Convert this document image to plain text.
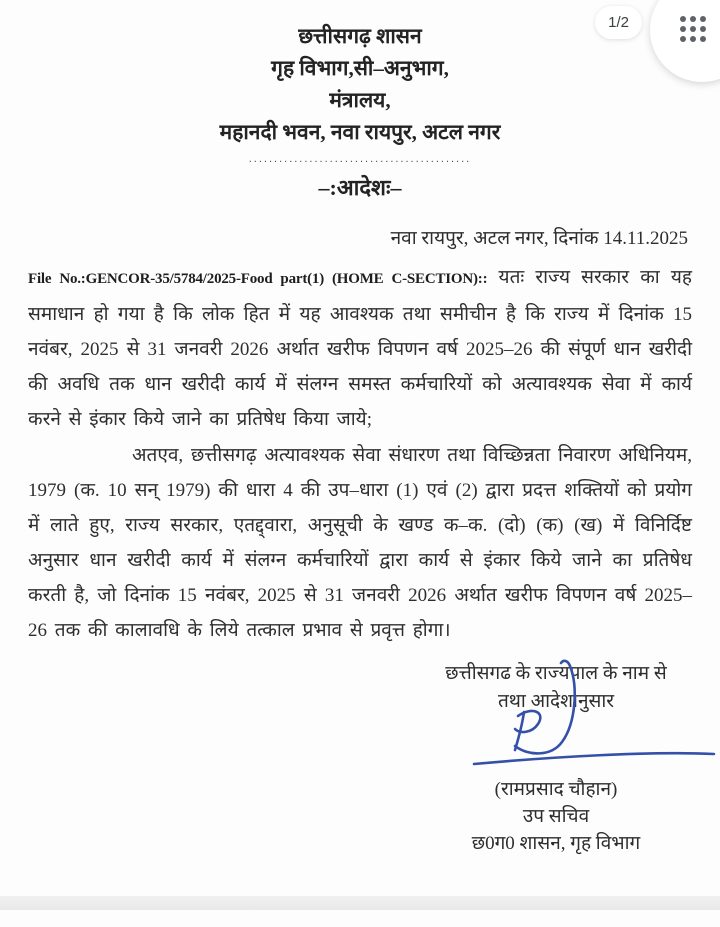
1/2
छत्तीसगढ़ शासन
गृह विभाग,सी–अनुभाग,
मंत्रालय,
महानदी भवन, नवा रायपुर, अटल नगर
............................................
–:आदेशः–
नवा रायपुर, अटल नगर, दिनांक 14.11.2025

File No.:GENCOR-35/5784/2025-Food part(1) (HOME C-SECTION):: यतः राज्य सरकार का यह समाधान हो गया है कि लोक हित में यह आवश्यक तथा समीचीन है कि राज्य में दिनांक 15 नवंबर, 2025 से 31 जनवरी 2026 अर्थात खरीफ विपणन वर्ष 2025–26 की संपूर्ण धान खरीदी की अवधि तक धान खरीदी कार्य में संलग्न समस्त कर्मचारियों को अत्यावश्यक सेवा में कार्य करने से इंकार किये जाने का प्रतिषेध किया जाये;

अतएव, छत्तीसगढ़ अत्यावश्यक सेवा संधारण तथा विच्छिन्नता निवारण अधिनियम, 1979 (क. 10 सन् 1979) की धारा 4 की उप–धारा (1) एवं (2) द्वारा प्रदत्त शक्तियों को प्रयोग में लाते हुए, राज्य सरकार, एतद्द्वारा, अनुसूची के खण्ड क–क. (दो) (क) (ख) में विनिर्दिष्ट अनुसार धान खरीदी कार्य में संलग्न कर्मचारियों द्वारा कार्य से इंकार किये जाने का प्रतिषेध करती है, जो दिनांक 15 नवंबर, 2025 से 31 जनवरी 2026 अर्थात खरीफ विपणन वर्ष 2025–26 तक की कालावधि के लिये तत्काल प्रभाव से प्रवृत्त होगा।

छत्तीसगढ के राज्यपाल के नाम से
तथा आदेशानुसार
(रामप्रसाद चौहान)
उप सचिव
छ0ग0 शासन, गृह विभाग
